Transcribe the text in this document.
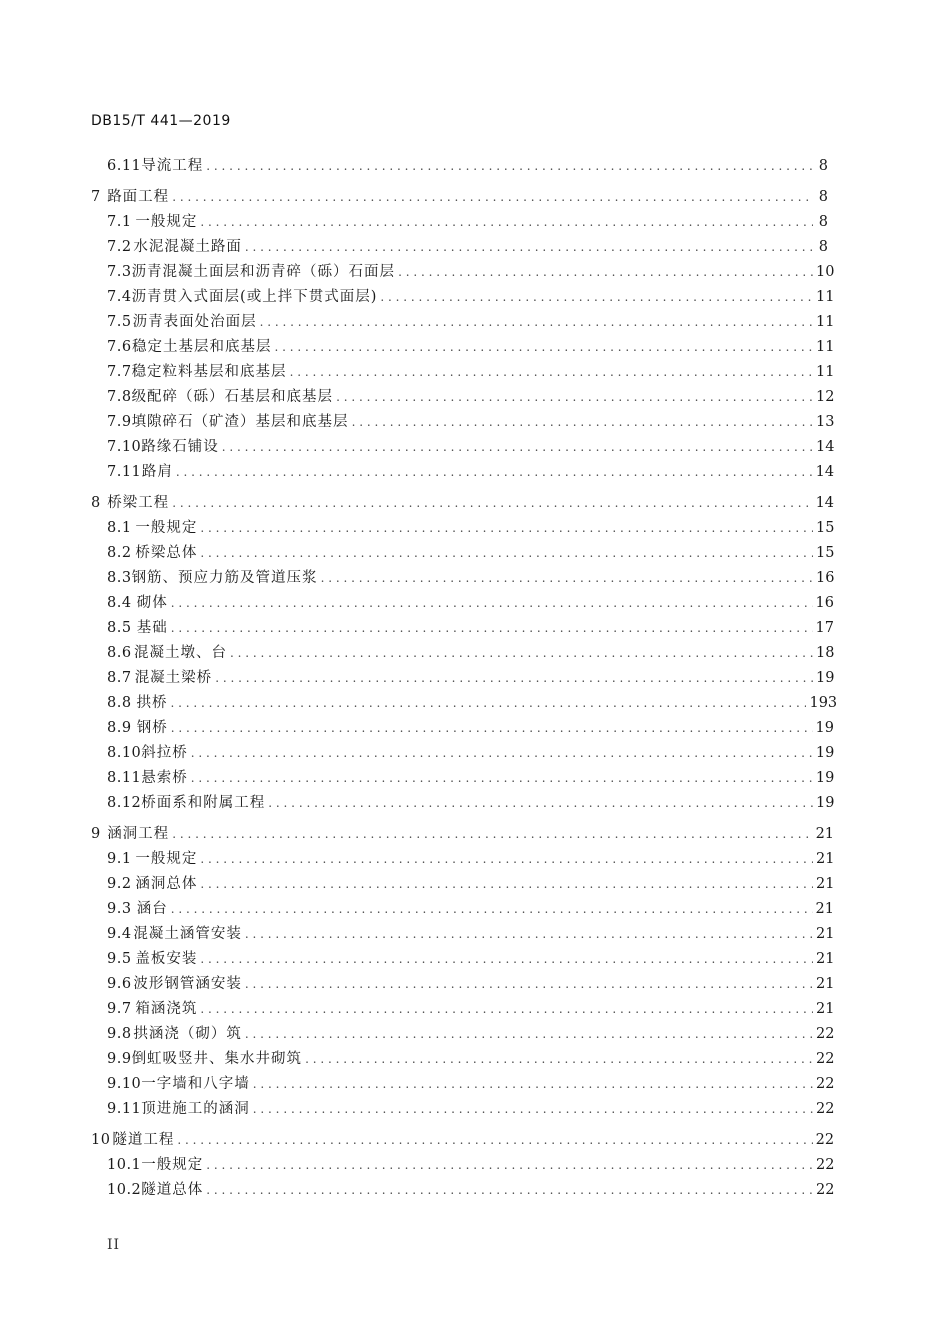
DB15/T 441—2019
6.11 导流工程 . . .	8
7 路面工程 . . .	8
7.1 一般规定 . . .	8
7.2 水泥混凝土路面 . . .	8
7.3 沥青混凝土面层和沥青碎（砾）石面层 . . .	10
7.4 沥青贯入式面层(或上拌下贯式面层) . . .	11
7.5 沥青表面处治面层 . . .	11
7.6 稳定土基层和底基层 . . .	11
7.7 稳定粒料基层和底基层 . . .	11
7.8 级配碎（砾）石基层和底基层 . . .	12
7.9 填隙碎石（矿渣）基层和底基层 . . .	13
7.10 路缘石铺设 . . .	14
7.11 路肩 . . .	14
8 桥梁工程 . . .	14
8.1 一般规定 . . .	15
8.2 桥梁总体 . . .	15
8.3 钢筋、预应力筋及管道压浆 . . .	16
8.4 砌体 . . .	16
8.5 基础 . . .	17
8.6 混凝土墩、台 . . .	18
8.7 混凝土梁桥 . . .	19
8.8 拱桥 . . .	193
8.9 钢桥 . . .	19
8.10 斜拉桥 . . .	19
8.11 悬索桥 . . .	19
8.12 桥面系和附属工程 . . .	19
9 涵洞工程 . . .	21
9.1 一般规定 . . .	21
9.2 涵洞总体 . . .	21
9.3 涵台 . . .	21
9.4 混凝土涵管安装 . . .	21
9.5 盖板安装 . . .	21
9.6 波形钢管涵安装 . . .	21
9.7 箱涵浇筑 . . .	21
9.8 拱涵浇（砌）筑 . . .	22
9.9 倒虹吸竖井、集水井砌筑 . . .	22
9.10 一字墙和八字墙 . . .	22
9.11 顶进施工的涵洞 . . .	22
10 隧道工程 . . .	22
10.1 一般规定 . . .	22
10.2 隧道总体 . . .	22
II
